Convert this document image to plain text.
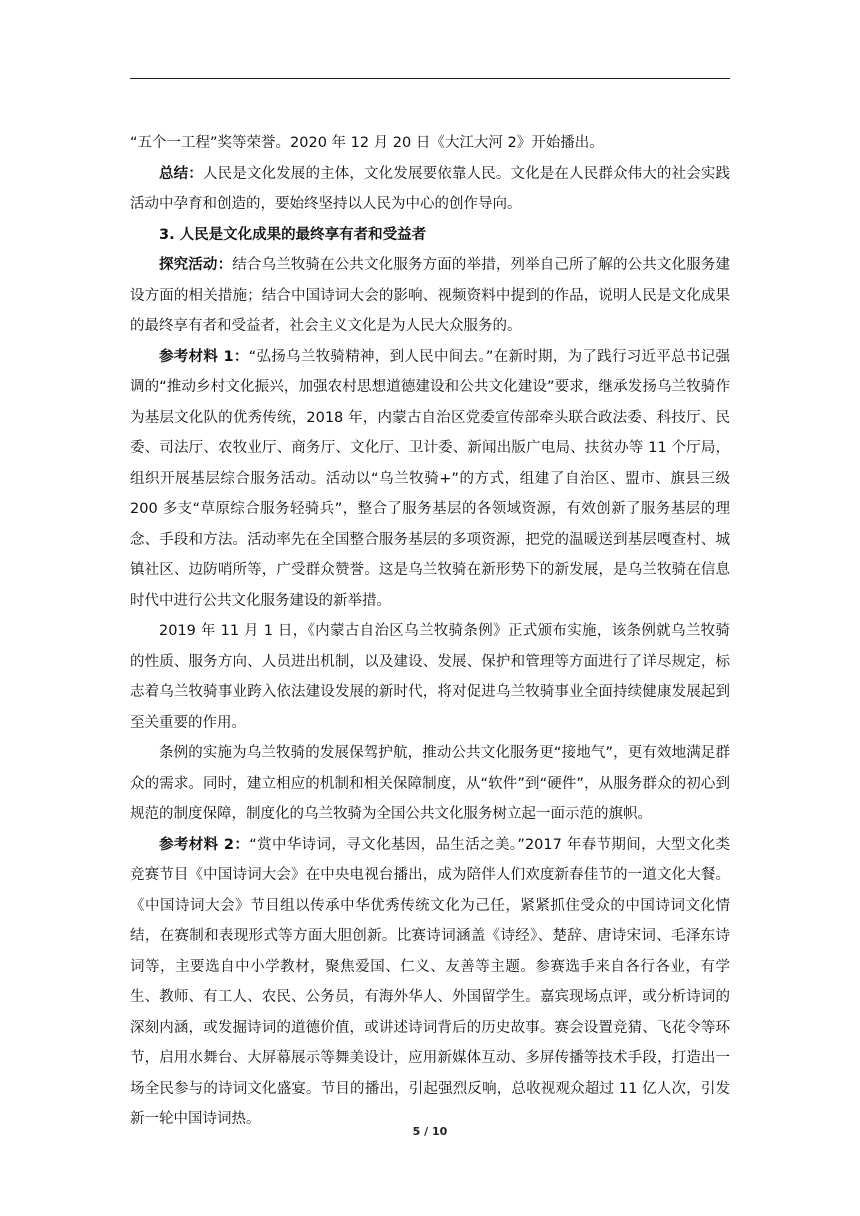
“五个一工程”奖等荣誉。2020 年 12 月 20 日《大江大河 2》开始播出。

总结：人民是文化发展的主体，文化发展要依靠人民。文化是在人民群众伟大的社会实践活动中孕育和创造的，要始终坚持以人民为中心的创作导向。

3. 人民是文化成果的最终享有者和受益者

探究活动：结合乌兰牧骑在公共文化服务方面的举措，列举自己所了解的公共文化服务建设方面的相关措施；结合中国诗词大会的影响、视频资料中提到的作品，说明人民是文化成果的最终享有者和受益者，社会主义文化是为人民大众服务的。

参考材料 1：“弘扬乌兰牧骑精神，到人民中间去。”在新时期，为了践行习近平总书记强调的“推动乡村文化振兴，加强农村思想道德建设和公共文化建设”要求，继承发扬乌兰牧骑作为基层文化队的优秀传统，2018 年，内蒙古自治区党委宣传部牵头联合政法委、科技厅、民委、司法厅、农牧业厅、商务厅、文化厅、卫计委、新闻出版广电局、扶贫办等 11 个厅局，组织开展基层综合服务活动。活动以“乌兰牧骑+”的方式，组建了自治区、盟市、旗县三级 200 多支“草原综合服务轻骑兵”，整合了服务基层的各领域资源，有效创新了服务基层的理念、手段和方法。活动率先在全国整合服务基层的多项资源，把党的温暖送到基层嘎查村、城镇社区、边防哨所等，广受群众赞誉。这是乌兰牧骑在新形势下的新发展，是乌兰牧骑在信息时代中进行公共文化服务建设的新举措。

2019 年 11 月 1 日，《内蒙古自治区乌兰牧骑条例》正式颁布实施，该条例就乌兰牧骑的性质、服务方向、人员进出机制，以及建设、发展、保护和管理等方面进行了详尽规定，标志着乌兰牧骑事业跨入依法建设发展的新时代，将对促进乌兰牧骑事业全面持续健康发展起到至关重要的作用。

条例的实施为乌兰牧骑的发展保驾护航，推动公共文化服务更“接地气”，更有效地满足群众的需求。同时，建立相应的机制和相关保障制度，从“软件”到“硬件”，从服务群众的初心到规范的制度保障，制度化的乌兰牧骑为全国公共文化服务树立起一面示范的旗帜。

参考材料 2：“赏中华诗词，寻文化基因，品生活之美。”2017 年春节期间，大型文化类竞赛节目《中国诗词大会》在中央电视台播出，成为陪伴人们欢度新春佳节的一道文化大餐。《中国诗词大会》节目组以传承中华优秀传统文化为己任，紧紧抓住受众的中国诗词文化情结，在赛制和表现形式等方面大胆创新。比赛诗词涵盖《诗经》、楚辞、唐诗宋词、毛泽东诗词等，主要选自中小学教材，聚焦爱国、仁义、友善等主题。参赛选手来自各行各业，有学生、教师、有工人、农民、公务员，有海外华人、外国留学生。嘉宾现场点评，或分析诗词的深刻内涵，或发掘诗词的道德价值，或讲述诗词背后的历史故事。赛会设置竞猜、飞花令等环节，启用水舞台、大屏幕展示等舞美设计，应用新媒体互动、多屏传播等技术手段，打造出一场全民参与的诗词文化盛宴。节目的播出，引起强烈反响，总收视观众超过 11 亿人次，引发新一轮中国诗词热。

5 / 10
